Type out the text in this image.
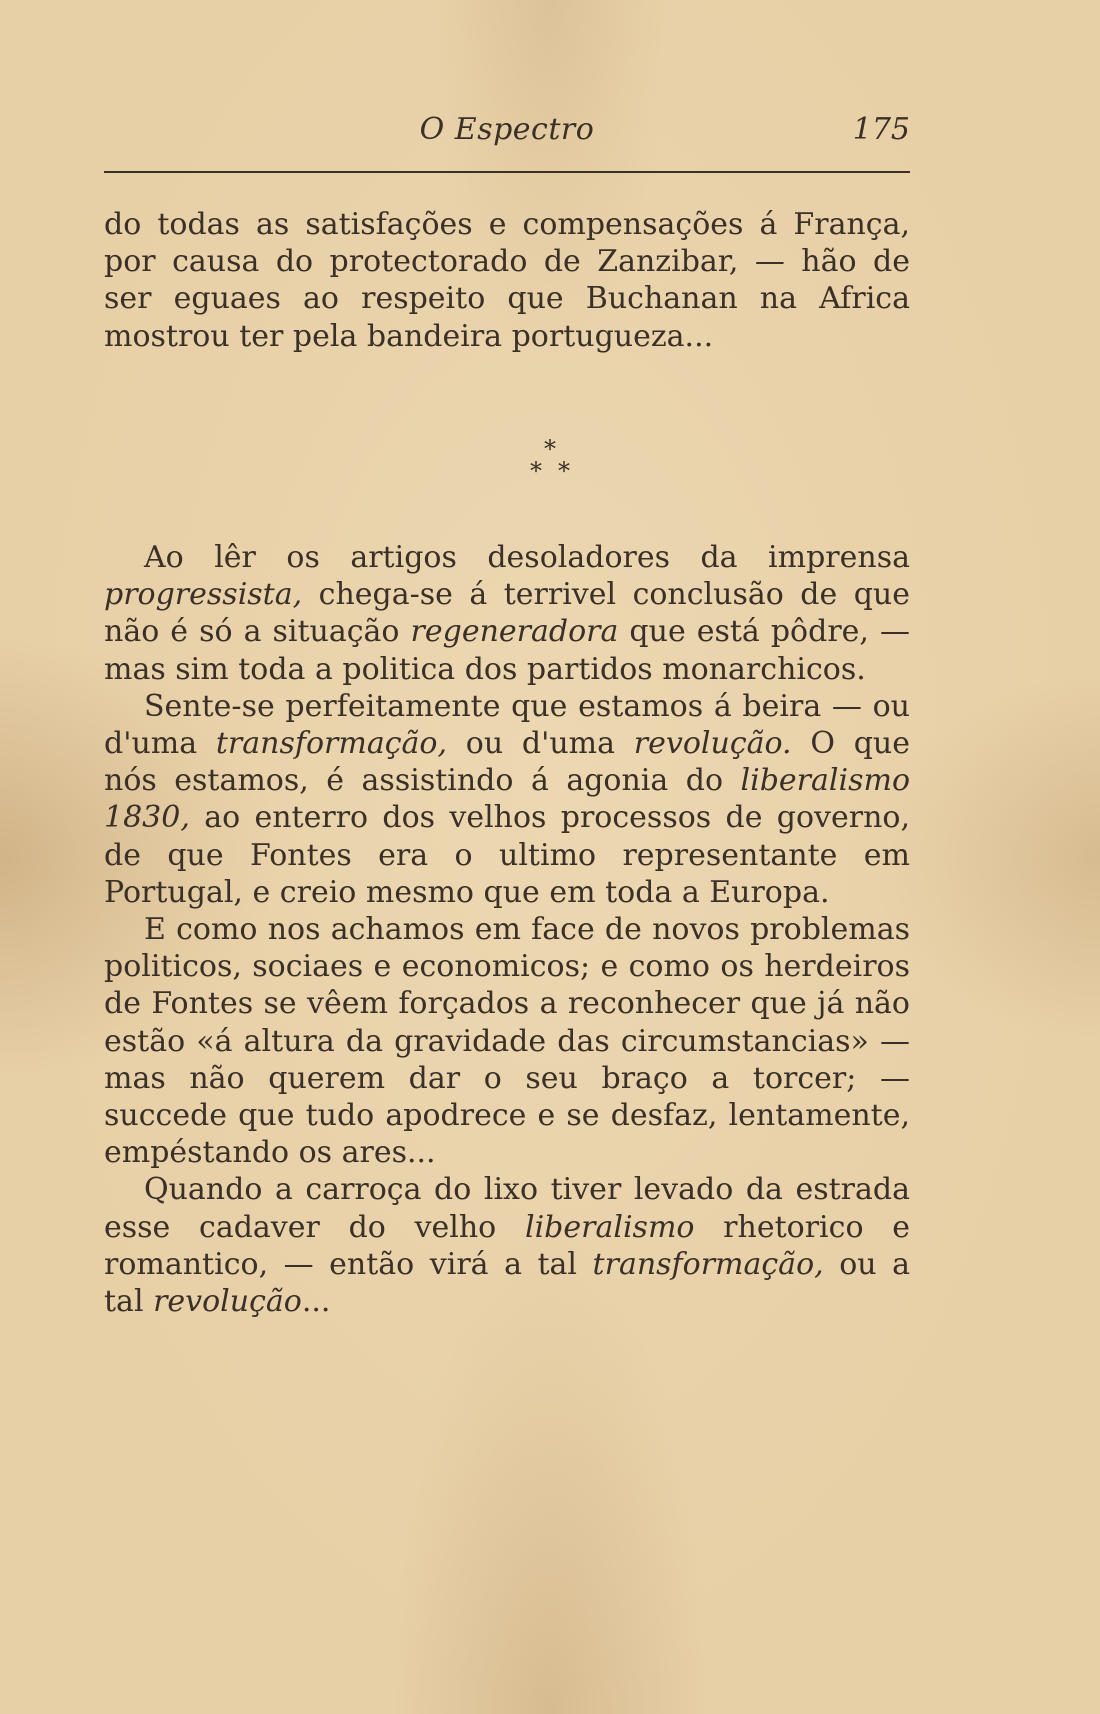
O Espectro	175

do todas as satisfações e compensações á França, por causa do protectorado de Zanzibar, — hão de ser eguaes ao respeito que Buchanan na Africa mostrou ter pela bandeira portugueza...

*
* *

Ao lêr os artigos desoladores da imprensa progressista, chega-se á terrivel conclusão de que não é só a situação regeneradora que está pôdre, — mas sim toda a politica dos partidos monarchicos.

Sente-se perfeitamente que estamos á beira — ou d'uma transformação, ou d'uma revolução. O que nós estamos, é assistindo á agonia do liberalismo 1830, ao enterro dos velhos processos de governo, de que Fontes era o ultimo representante em Portugal, e creio mesmo que em toda a Europa.

E como nos achamos em face de novos problemas politicos, sociaes e economicos; e como os herdeiros de Fontes se vêem forçados a reconhecer que já não estão «á altura da gravidade das circumstancias» — mas não querem dar o seu braço a torcer; — succede que tudo apodrece e se desfaz, lentamente, empéstando os ares...

Quando a carroça do lixo tiver levado da estrada esse cadaver do velho liberalismo rhetorico e romantico, — então virá a tal transformação, ou a tal revolução...
